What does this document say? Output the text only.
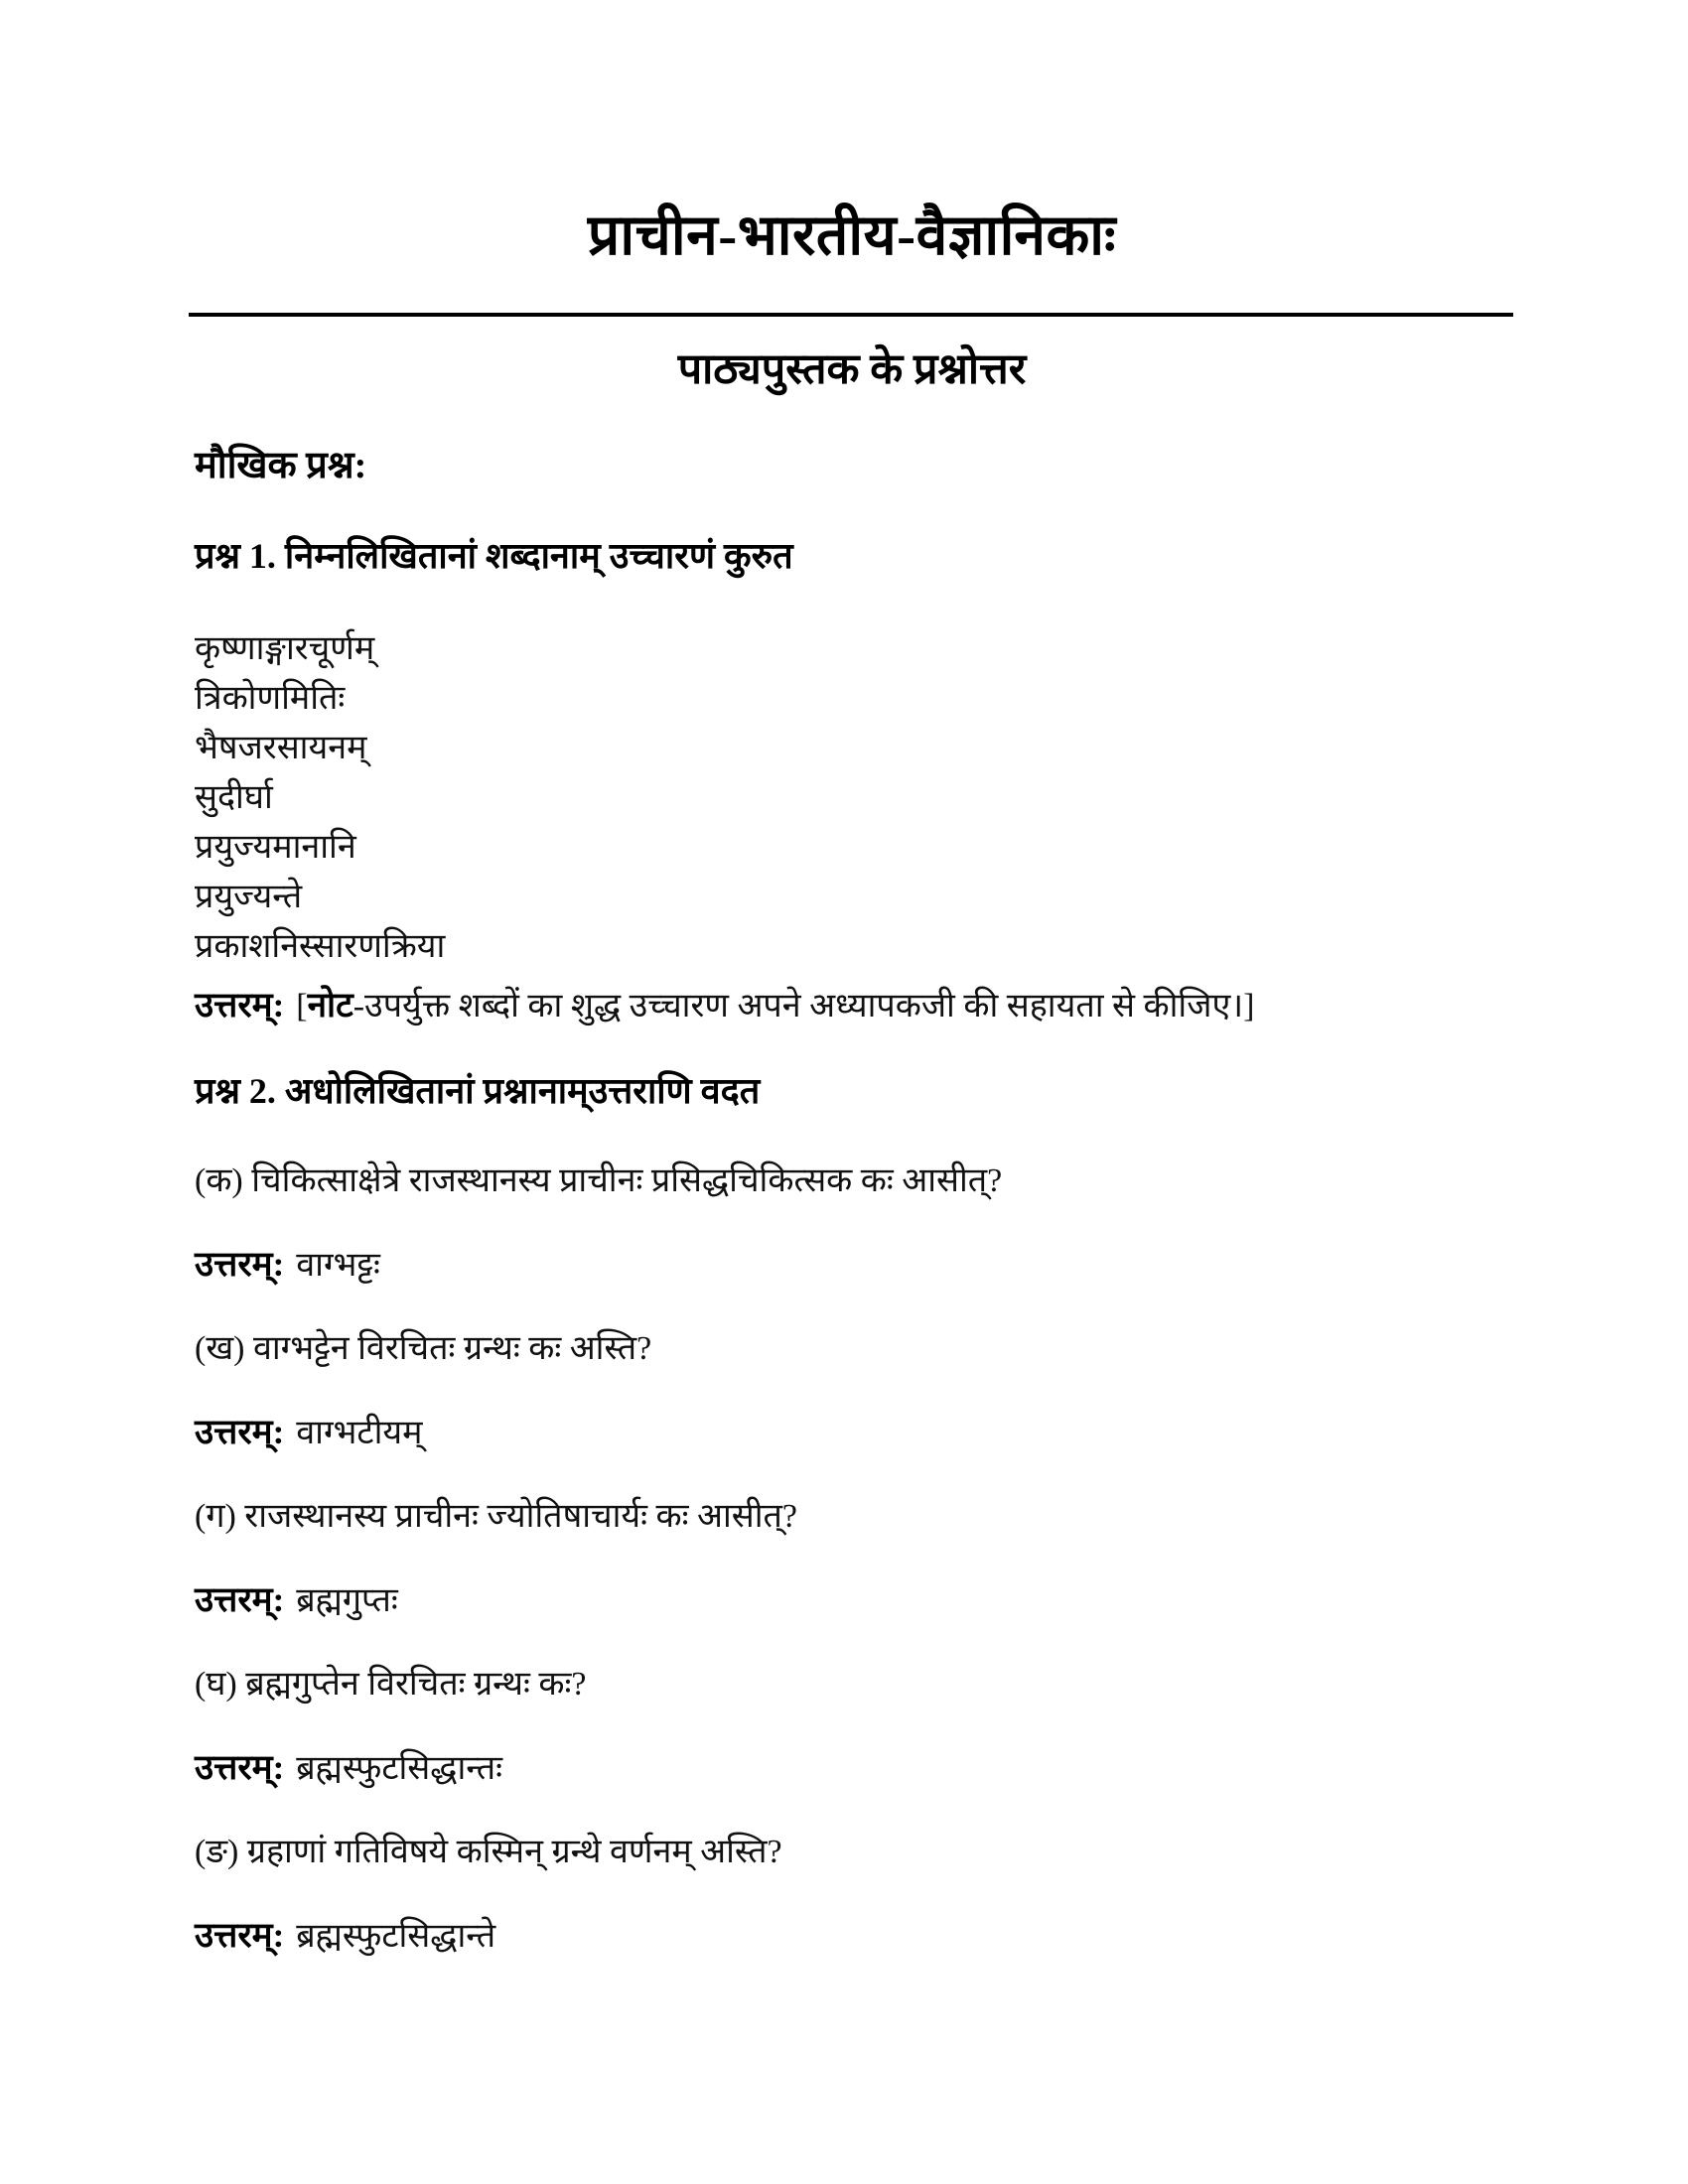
प्राचीन-भारतीय-वैज्ञानिकाः
पाठ्यपुस्तक के प्रश्नोत्तर
मौखिक प्रश्न:

प्रश्न 1. निम्नलिखितानां शब्दानाम् उच्चारणं कुरुत

कृष्णाङ्गारचूर्णम्
त्रिकोणमितिः
भैषजरसायनम्
सुदीर्घा
प्रयुज्यमानानि
प्रयुज्यन्ते
प्रकाशनिस्सारणक्रिया

उत्तरम्: [नोट-उपर्युक्त शब्दों का शुद्ध उच्चारण अपने अध्यापकजी की सहायता से कीजिए।]

प्रश्न 2. अधोलिखितानां प्रश्नानाम्उत्तराणि वदत

(क) चिकित्साक्षेत्रे राजस्थानस्य प्राचीनः प्रसिद्धचिकित्सक कः आसीत्?

उत्तरम्: वाग्भट्टः

(ख) वाग्भट्टेन विरचितः ग्रन्थः कः अस्ति?

उत्तरम्: वाग्भटीयम्

(ग) राजस्थानस्य प्राचीनः ज्योतिषाचार्यः कः आसीत्?

उत्तरम्: ब्रह्मगुप्तः

(घ) ब्रह्मगुप्तेन विरचितः ग्रन्थः कः?

उत्तरम्: ब्रह्मस्फुटसिद्धान्तः

(ङ) ग्रहाणां गतिविषये कस्मिन् ग्रन्थे वर्णनम् अस्ति?

उत्तरम्: ब्रह्मस्फुटसिद्धान्ते
